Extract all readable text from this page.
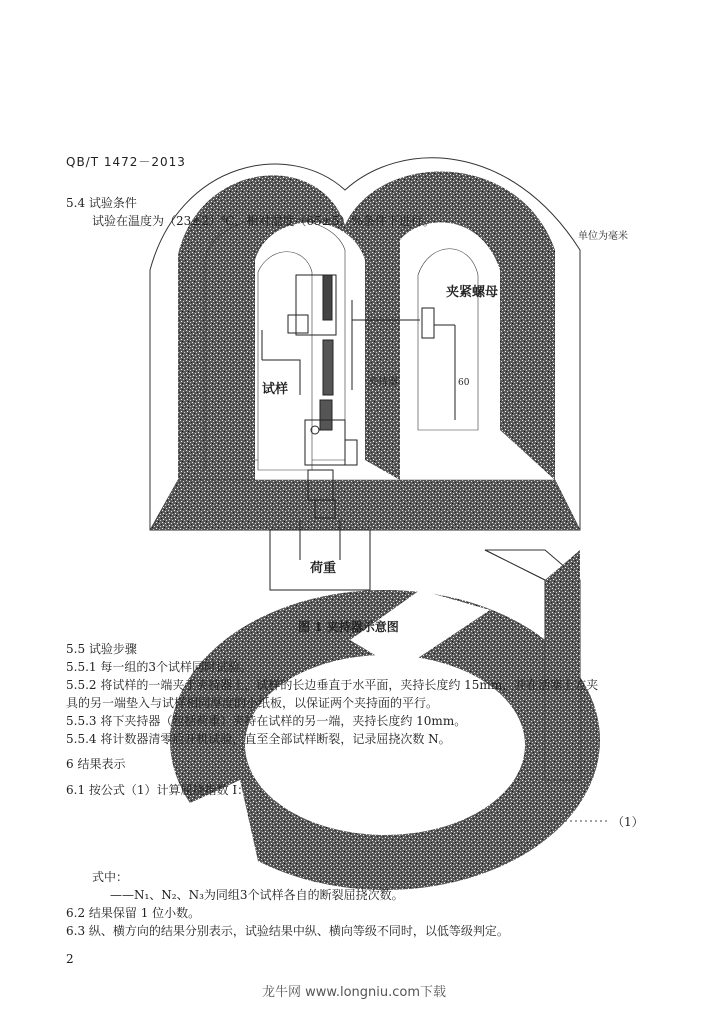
QB/T 1472－2013
5.4 试验条件
试验在温度为（23±2）℃、相对湿度（65±5）%条件下进行。
单位为毫米
夹紧螺母
试样	夹持器	60
荷重
图 1 夹持器示意图
5.5 试验步骤
5.5.1 每一组的3个试样同时试验。
5.5.2 将试样的一端夹于夹持器上，试样的长边垂直于水平面，夹持长度约 15mm，并在活塞上方夹
具的另一端垫入与试样相同厚度的小纸板，以保证两个夹持面的平行。
5.5.3 将下夹持器（包括荷重）夹持在试样的另一端，夹持长度约 10mm。
5.5.4 将计数器清零后开机试验，直至全部试样断裂，记录屈挠次数 N。
6 结果表示
6.1 按公式（1）计算屈挠指数 I：
（1）
式中：
——N₁、N₂、N₃为同组3个试样各自的断裂屈挠次数。
6.2 结果保留 1 位小数。
6.3 纵、横方向的结果分别表示，试验结果中纵、横向等级不同时，以低等级判定。
2
龙牛网 www.longniu.com下载
